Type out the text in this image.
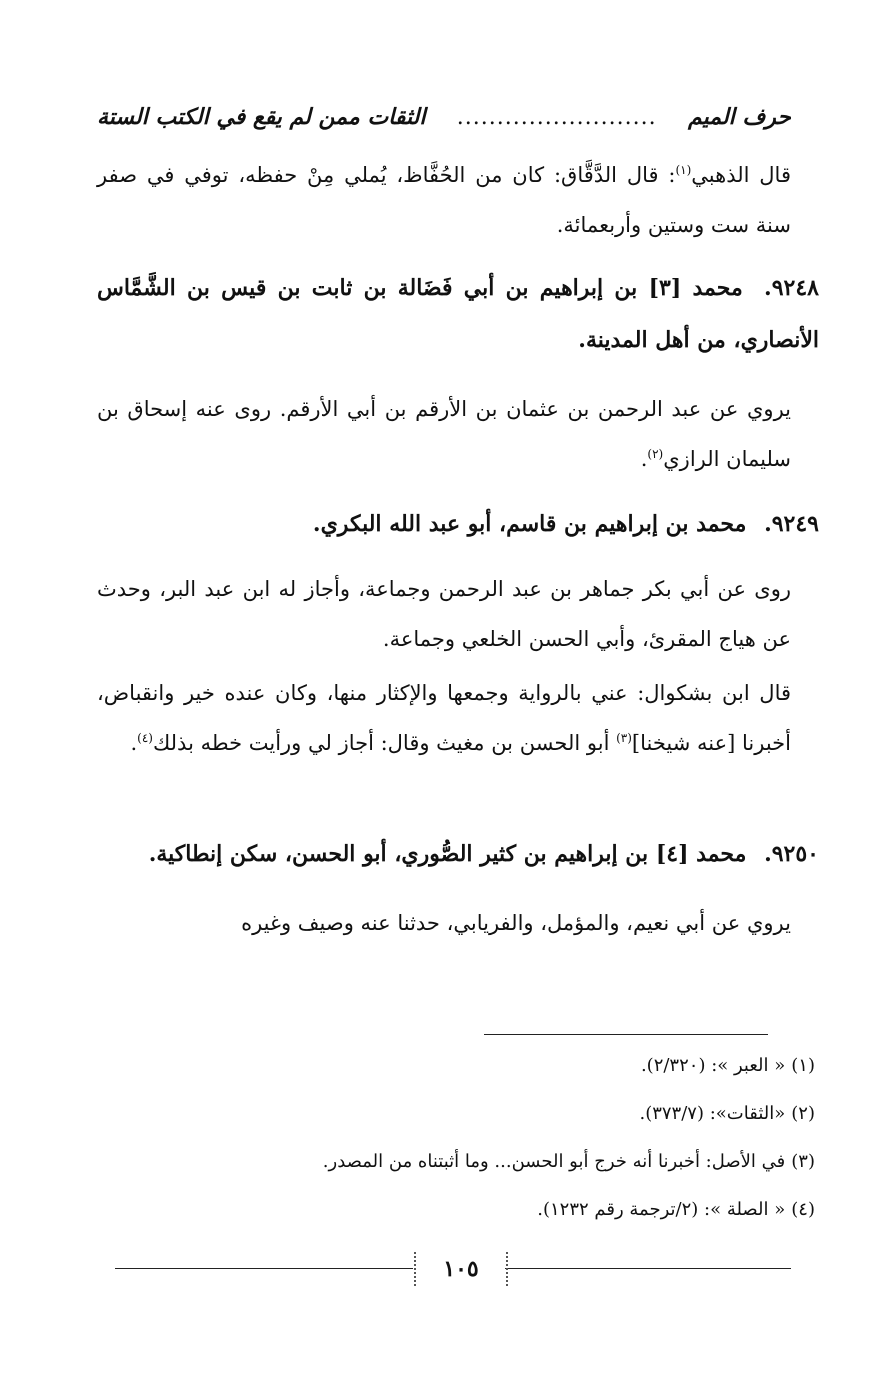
حرف الميم
.........................
الثقات ممن لم يقع في الكتب الستة

قال الذهبي$^{(١)}$: قال الدَّقَّاق: كان من الحُفَّاظ، يُملي مِنْ حفظه، توفي في صفر سنة ست وستين وأربعمائة.

٩٢٤٨. محمد [٣] بن إبراهيم بن أبي فَضَالة بن ثابت بن قيس بن الشَّمَّاس الأنصاري، من أهل المدينة.

يروي عن عبد الرحمن بن عثمان بن الأرقم بن أبي الأرقم. روى عنه إسحاق بن سليمان الرازي$^{(٢)}$.

٩٢٤٩. محمد بن إبراهيم بن قاسم، أبو عبد الله البكري.

روى عن أبي بكر جماهر بن عبد الرحمن وجماعة، وأجاز له ابن عبد البر، وحدث عن هياج المقرئ، وأبي الحسن الخلعي وجماعة.

قال ابن بشكوال: عني بالرواية وجمعها والإكثار منها، وكان عنده خير وانقباض، أخبرنا [عنه شيخنا]$^{(٣)}$ أبو الحسن بن مغيث وقال: أجاز لي ورأيت خطه بذلك$^{(٤)}$.

٩٢٥٠. محمد [٤] بن إبراهيم بن كثير الصُّوري، أبو الحسن، سكن إنطاكية.

يروي عن أبي نعيم، والمؤمل، والفريابي، حدثنا عنه وصيف وغيره

(١)« العبر »: (٢/٣٢٠).
(٢)«الثقات»: (٣٧٣/٧).
(٣)في الأصل: أخبرنا أنه خرج أبو الحسن... وما أثبتناه من المصدر.
(٤)« الصلة »: (٢/ترجمة رقم ١٢٣٢).
١٠٥
